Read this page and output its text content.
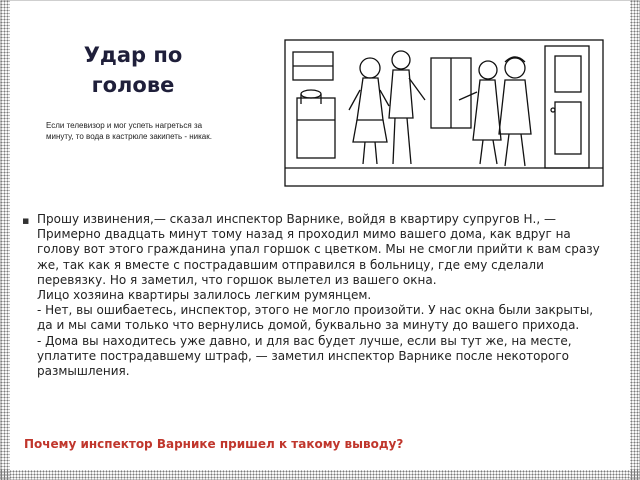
Удар по голове
Если телевизор и мог успеть нагреться за минуту, то вода в кастрюле закипеть - никак.
▪ Прошу извинения,— сказал инспектор Варнике, войдя в квартиру супругов Н., — Примерно двадцать минут тому назад я проходил мимо вашего дома, как вдруг на голову вот этого гражданина упал горшок с цветком. Мы не смогли прийти к вам сразу же, так как я вместе с пострадавшим отправился в больницу, где ему сделали перевязку. Но я заметил, что горшок вылетел из вашего окна.
Лицо хозяина квартиры залилось легким румянцем.
- Нет, вы ошибаетесь, инспектор, этого не могло произойти. У нас окна были закрыты, да и мы сами только что вернулись домой, буквально за минуту до вашего прихода.
- Дома вы находитесь уже давно, и для вас будет лучше, если вы тут же, на месте, уплатите пострадавшему штраф, — заметил инспектор Варнике после некоторого размышления.
Почему инспектор Варнике пришел к такому выводу?
